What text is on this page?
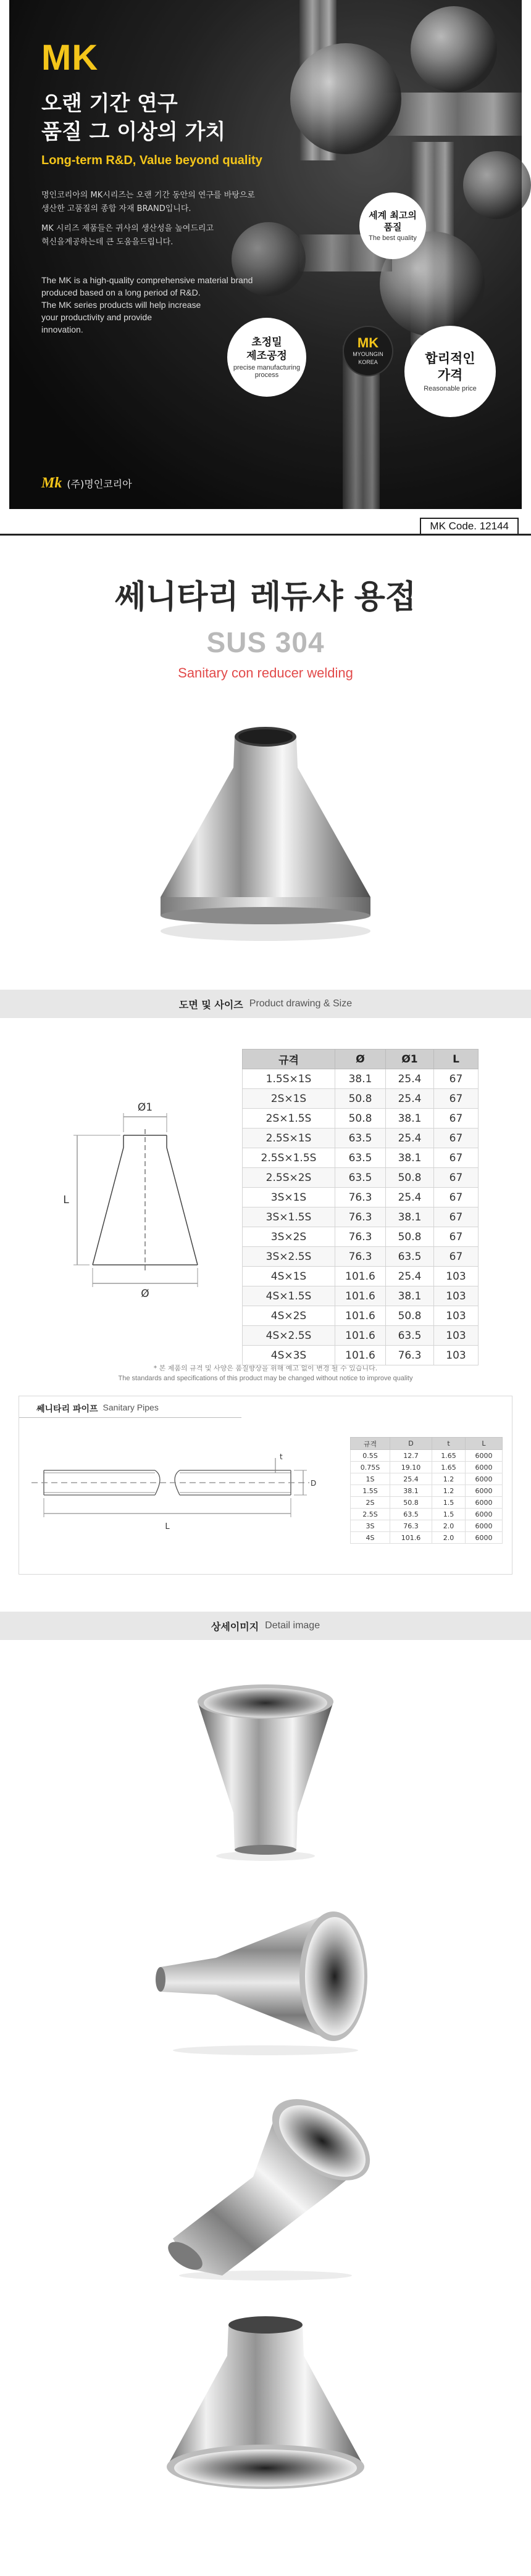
MK
오랜 기간 연구
품질 그 이상의 가치
Long-term R&D, Value beyond quality
명인코리아의 MK시리즈는 오랜 기간 동안의 연구를 바탕으로
생산한 고품질의 종합 자재 BRAND입니다.
MK 시리즈 제품들은 귀사의 생산성을 높여드리고
혁신을계공하는데 큰 도움을드립니다.
The MK is a high-quality comprehensive material brand
produced based on a long period of R&D.
The MK series products will help increase
your productivity and provide
innovation.
세계 최고의
품질
The best quality
초정밀
제조공정
precise manufacturing
process
MK
MYOUNGIN
KOREA	합리적인
가격
Reasonable price
Mk (주)명인코리아
MK Code. 12144
쎄니타리 레듀샤 용접
SUS 304
Sanitary con reducer welding
도면 및 사이즈 Product drawing & Size
Ø1
L
Ø
규격	Ø	Ø1	L
1.5S×1S	38.1	25.4	67
2S×1S	50.8	25.4	67
2S×1.5S	50.8	38.1	67
2.5S×1S	63.5	25.4	67
2.5S×1.5S	63.5	38.1	67
2.5S×2S	63.5	50.8	67
3S×1S	76.3	25.4	67
3S×1.5S	76.3	38.1	67
3S×2S	76.3	50.8	67
3S×2.5S	76.3	63.5	67
4S×1S	101.6	25.4	103
4S×1.5S	101.6	38.1	103
4S×2S	101.6	50.8	103
4S×2.5S	101.6	63.5	103
4S×3S	101.6	76.3	103
* 본 제품의 규격 및 사양은 품질향상을 위해 예고 없이 변경 될 수 있습니다.
The standards and specifications of this product may be changed without notice to improve quality
쎄니타리 파이프 Sanitary Pipes
L
D
t
규격	D	t	L
0.5S	12.7	1.65	6000
0.75S	19.10	1.65	6000
1S	25.4	1.2	6000
1.5S	38.1	1.2	6000
2S	50.8	1.5	6000
2.5S	63.5	1.5	6000
3S	76.3	2.0	6000
4S	101.6	2.0	6000
상세이미지 Detail image
